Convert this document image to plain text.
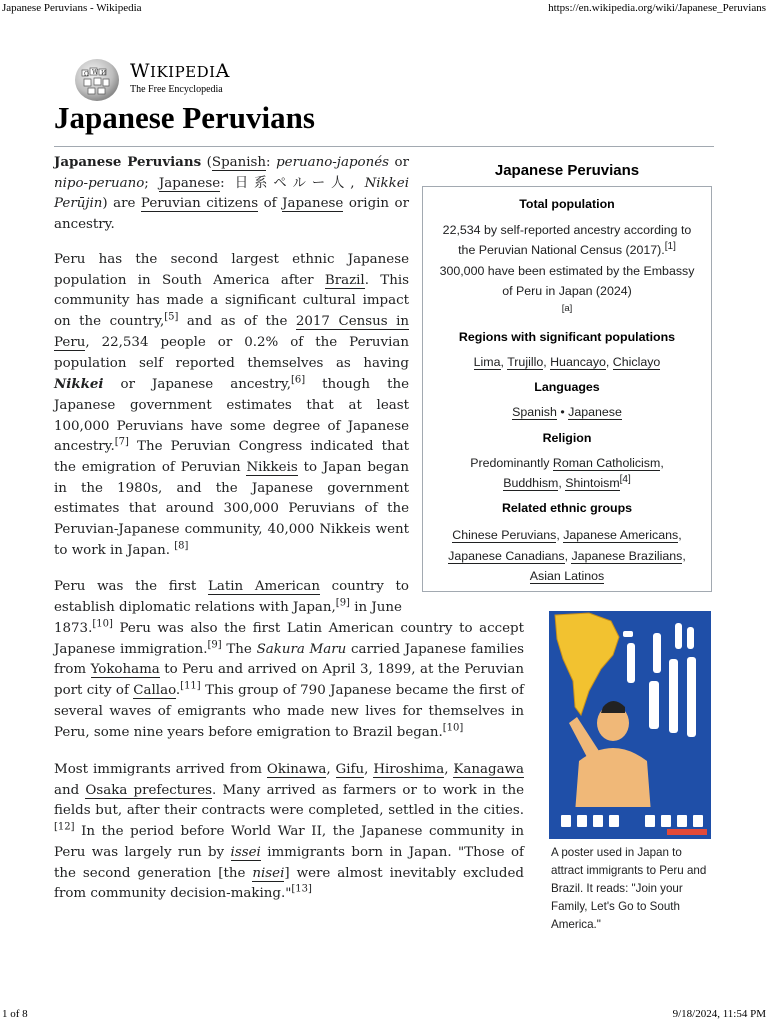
Japanese Peruvians - Wikipedia	https://en.wikipedia.org/wiki/Japanese_Peruvians
1 of 8	9/18/2024, 11:54 PM
Ω W И WIKIPEDIA
The Free Encyclopedia
Japanese Peruvians
Japanese Peruvians (Spanish: peruano-japonés or nipo-peruano; Japanese: 日系ペルー人, Nikkei Perūjin) are Peruvian citizens of Japanese origin or ancestry.
Peru has the second largest ethnic Japanese population in South America after Brazil. This community has made a significant cultural impact on the country,[5] and as of the 2017 Census in Peru, 22,534 people or 0.2% of the Peruvian population self reported themselves as having Nikkei or Japanese ancestry,[6] though the Japanese government estimates that at least 100,000 Peruvians have some degree of Japanese ancestry.[7] The Peruvian Congress indicated that the emigration of Peruvian Nikkeis to Japan began in the 1980s, and the Japanese government estimates that around 300,000 Peruvians of the Peruvian-Japanese community, 40,000 Nikkeis went to work in Japan. [8]
Peru was the first Latin American country to establish diplomatic relations with Japan,[9] in June
1873.[10] Peru was also the first Latin American country to accept Japanese immigration.[9] The Sakura Maru carried Japanese families from Yokohama to Peru and arrived on April 3, 1899, at the Peruvian port city of Callao.[11] This group of 790 Japanese became the first of several waves of emigrants who made new lives for themselves in Peru, some nine years before emigration to Brazil began.[10]
Most immigrants arrived from Okinawa, Gifu, Hiroshima, Kanagawa and Osaka prefectures. Many arrived as farmers or to work in the fields but, after their contracts were completed, settled in the cities.[12] In the period before World War II, the Japanese community in Peru was largely run by issei immigrants born in Japan. "Those of the second generation [the nisei] were almost inevitably excluded from community decision-making."[13]
Japanese Peruvians
Total population
22,534 by self-reported ancestry according to
the Peruvian National Census (2017).[1]
300,000 have been estimated by the Embassy
of Peru in Japan (2024)
[a]
Regions with significant populations
Lima, Trujillo, Huancayo, Chiclayo
Languages
Spanish • Japanese
Religion
Predominantly Roman Catholicism,
Buddhism, Shintoism[4]
Related ethnic groups
Chinese Peruvians, Japanese Americans,
Japanese Canadians, Japanese Brazilians,
Asian Latinos
A poster used in Japan to attract immigrants to Peru and Brazil. It reads: "Join your Family, Let's Go to South America."
